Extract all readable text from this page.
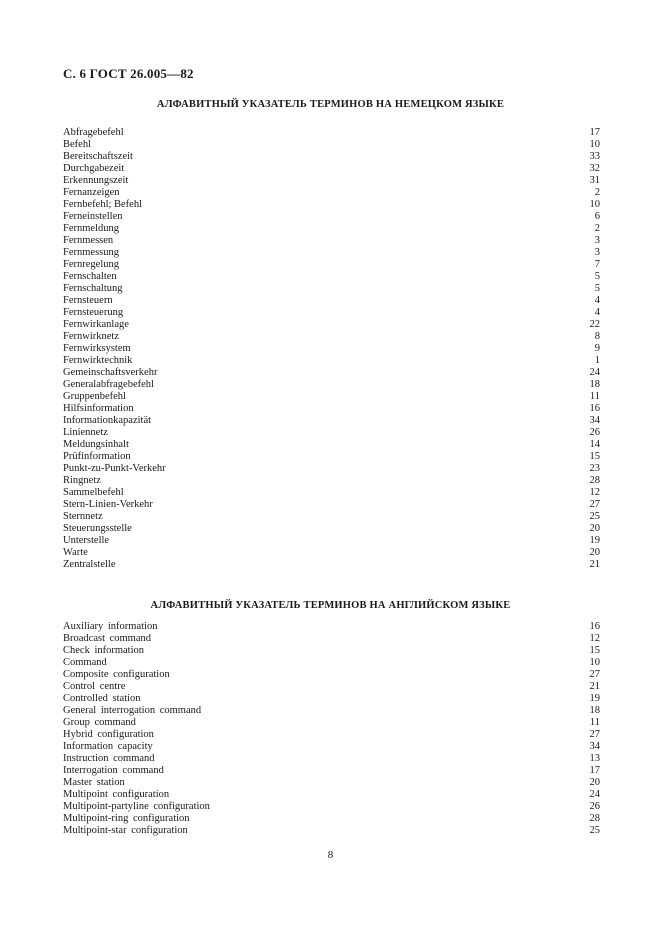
С. 6 ГОСТ 26.005—82
АЛФАВИТНЫЙ УКАЗАТЕЛЬ ТЕРМИНОВ НА НЕМЕЦКОМ ЯЗЫКЕ
Abfragebefehl	17
Befehl	10
Bereitschaftszeit	33
Durchgabezeit	32
Erkennungszeit	31
Fernanzeigen	2
Fernbefehl; Befehl	10
Ferneinstellen	6
Fernmeldung	2
Fernmessen	3
Fernmessung	3
Fernregelung	7
Fernschalten	5
Fernschaltung	5
Fernsteuern	4
Fernsteuerung	4
Fernwirkanlage	22
Fernwirknetz	8
Fernwirksystem	9
Fernwirktechnik	1
Gemeinschaftsverkehr	24
Generalabfragebefehl	18
Gruppenbefehl	11
Hilfsinformation	16
Informationkapazität	34
Liniennetz	26
Meldungsinhalt	14
Prüfinformation	15
Punkt-zu-Punkt-Verkehr	23
Ringnetz	28
Sammelbefehl	12
Stern-Linien-Verkehr	27
Sternnetz	25
Steuerungsstelle	20
Unterstelle	19
Warte	20
Zentralstelle	21
АЛФАВИТНЫЙ УКАЗАТЕЛЬ ТЕРМИНОВ НА АНГЛИЙСКОМ ЯЗЫКЕ
Auxiliary information	16
Broadcast command	12
Check information	15
Command	10
Composite configuration	27
Control centre	21
Controlled station	19
General interrogation command	18
Group command	11
Hybrid configuration	27
Information capacity	34
Instruction command	13
Interrogation command	17
Master station	20
Multipoint configuration	24
Multipoint-partyline configuration	26
Multipoint-ring configuration	28
Multipoint-star configuration	25
8
